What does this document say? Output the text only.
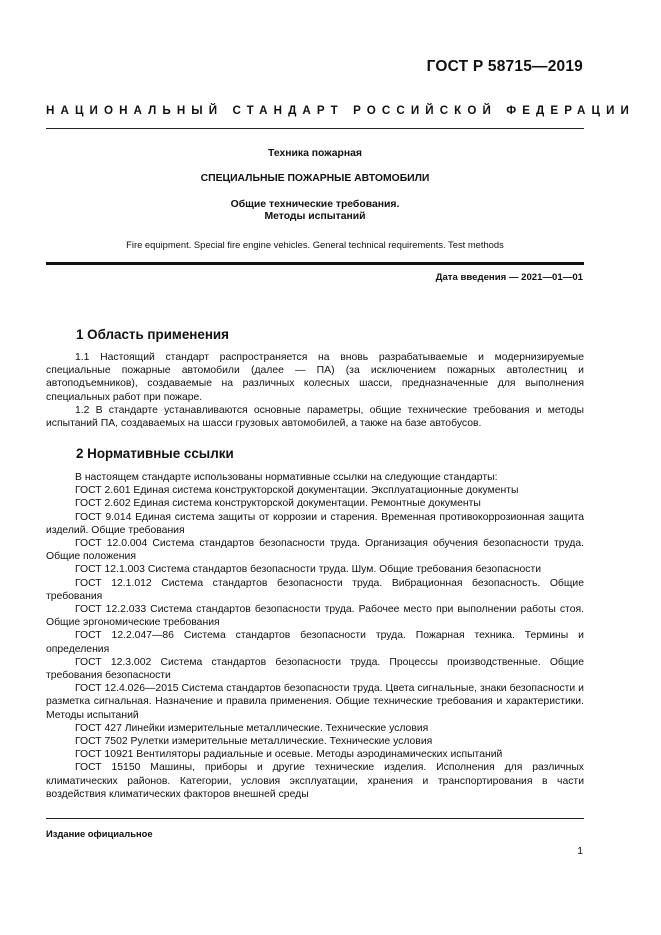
ГОСТ Р 58715—2019
НАЦИОНАЛЬНЫЙ СТАНДАРТ РОССИЙСКОЙ ФЕДЕРАЦИИ
Техника пожарная
СПЕЦИАЛЬНЫЕ ПОЖАРНЫЕ АВТОМОБИЛИ
Общие технические требования.
Методы испытаний
Fire equipment. Special fire engine vehicles. General technical requirements. Test methods
Дата введения — 2021—01—01
1 Область применения

1.1 Настоящий стандарт распространяется на вновь разрабатываемые и модернизируемые специальные пожарные автомобили (далее — ПА) (за исключением пожарных автолестниц и автоподъемников), создаваемые на различных колесных шасси, предназначенные для выполнения специальных работ при пожаре.

1.2 В стандарте устанавливаются основные параметры, общие технические требования и методы испытаний ПА, создаваемых на шасси грузовых автомобилей, а также на базе автобусов.

2 Нормативные ссылки

В настоящем стандарте использованы нормативные ссылки на следующие стандарты:

ГОСТ 2.601 Единая система конструкторской документации. Эксплуатационные документы

ГОСТ 2.602 Единая система конструкторской документации. Ремонтные документы

ГОСТ 9.014 Единая система защиты от коррозии и старения. Временная противокоррозионная защита изделий. Общие требования

ГОСТ 12.0.004 Система стандартов безопасности труда. Организация обучения безопасности труда. Общие положения

ГОСТ 12.1.003 Система стандартов безопасности труда. Шум. Общие требования безопасности

ГОСТ 12.1.012 Система стандартов безопасности труда. Вибрационная безопасность. Общие требования

ГОСТ 12.2.033 Система стандартов безопасности труда. Рабочее место при выполнении работы стоя. Общие эргономические требования

ГОСТ 12.2.047—86 Система стандартов безопасности труда. Пожарная техника. Термины и определения

ГОСТ 12.3.002 Система стандартов безопасности труда. Процессы производственные. Общие требования безопасности

ГОСТ 12.4.026—2015 Система стандартов безопасности труда. Цвета сигнальные, знаки безопасности и разметка сигнальная. Назначение и правила применения. Общие технические требования и характеристики. Методы испытаний

ГОСТ 427 Линейки измерительные металлические. Технические условия

ГОСТ 7502 Рулетки измерительные металлические. Технические условия

ГОСТ 10921 Вентиляторы радиальные и осевые. Методы аэродинамических испытаний

ГОСТ 15150 Машины, приборы и другие технические изделия. Исполнения для различных климатических районов. Категории, условия эксплуатации, хранения и транспортирования в части воздействия климатических факторов внешней среды

Издание официальное
1
